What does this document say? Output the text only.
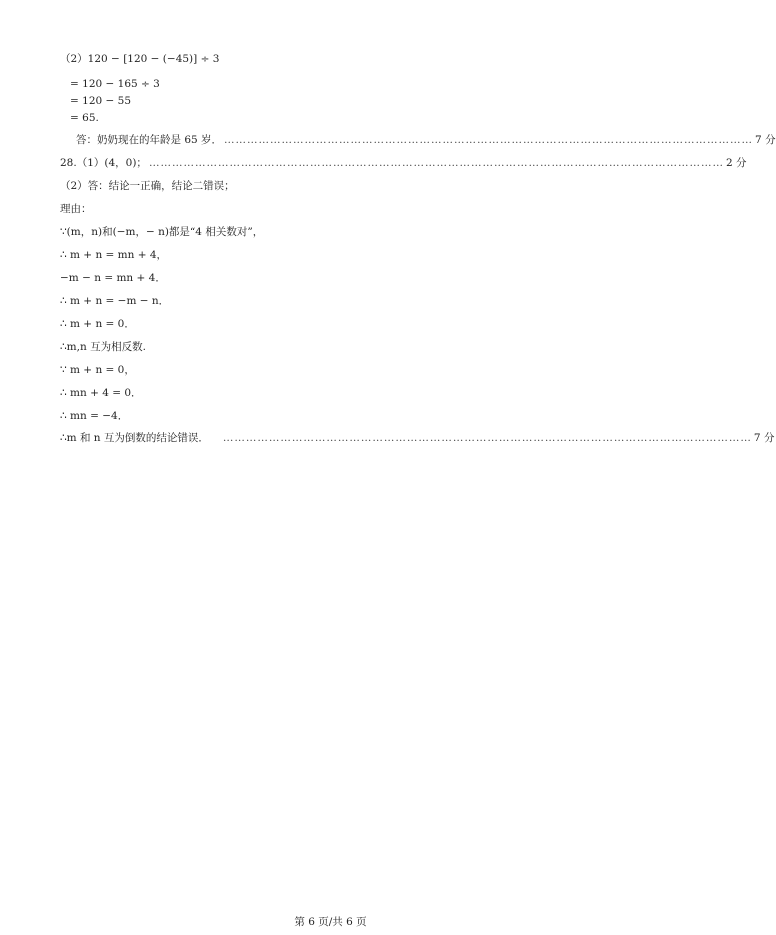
（2）120 − [120 − (−45)] ÷ 3
= 120 − 165 ÷ 3
= 120 − 55
= 65.
答：奶奶现在的年龄是 65 岁． ………………………………………………………………………………………………………………………… 7 分
28.（1）(4，0)； …………………………………………………………………………………………………………………………………… 2 分
（2）答：结论一正确，结论二错误；
理由：
∵(m，n)和(−m，− n)都是“4 相关数对”，
∴ m + n = mn + 4，
−m − n = mn + 4．
∴ m + n = −m − n．
∴ m + n = 0．
∴m,n 互为相反数.
∵ m + n = 0，
∴ mn + 4 = 0．
∴ mn = −4．
∴m 和 n 互为倒数的结论错误．	………………………………………………………………………………………………………………………… 7 分
第 6 页/共 6 页
